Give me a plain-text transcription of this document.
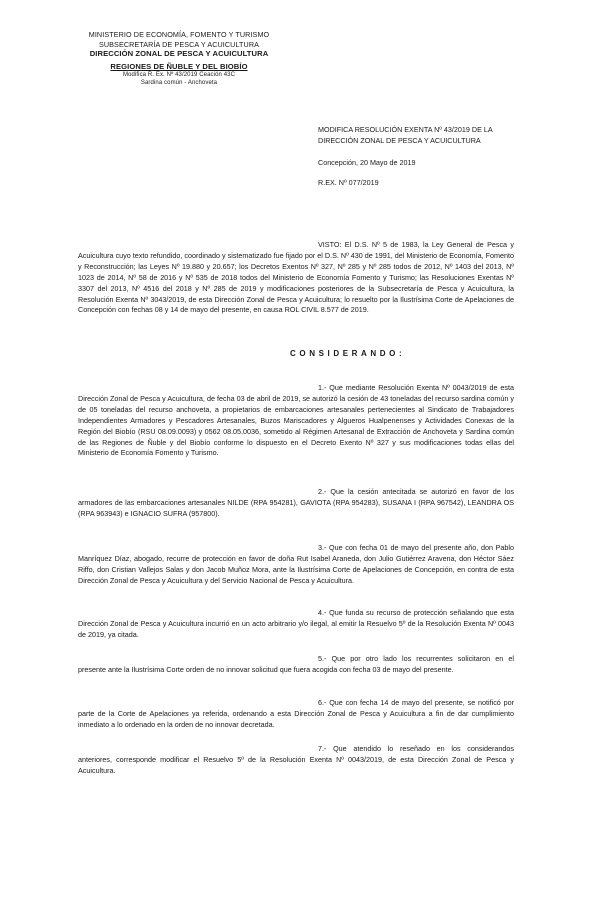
MINISTERIO DE ECONOMÍA, FOMENTO Y TURISMO
SUBSECRETARÍA DE PESCA Y ACUICULTURA
DIRECCIÓN ZONAL DE PESCA Y ACUICULTURA
REGIONES DE ÑUBLE Y DEL BIOBÍO
Modifica R. Ex. Nº 43/2019 Ceación 43C
Sardina común - Anchoveta
MODIFICA RESOLUCIÓN EXENTA Nº 43/2019 DE LA DIRECCIÓN ZONAL DE PESCA Y ACUICULTURA
Concepción, 20 Mayo de 2019
R.EX. Nº 077/2019
VISTO: El D.S. Nº 5 de 1983, la Ley General de Pesca y Acuicultura cuyo texto refundido, coordinado y sistematizado fue fijado por el D.S. Nº 430 de 1991, del Ministerio de Economía, Fomento y Reconstrucción; las Leyes Nº 19.880 y 20.657; los Decretos Exentos Nº 327, Nº 285 y Nº 285 todos de 2012, Nº 1403 del 2013, Nº 1023 de 2014, Nº 58 de 2016 y Nº 535 de 2018 todos del Ministerio de Economía Fomento y Turismo; las Resoluciones Exentas Nº 3307 del 2013, Nº 4516 del 2018 y Nº 285 de 2019 y modificaciones posteriores de la Subsecretaría de Pesca y Acuicultura, la Resolución Exenta Nº 3043/2019, de esta Dirección Zonal de Pesca y Acuicultura; lo resuelto por la Ilustrísima Corte de Apelaciones de Concepción con fechas 08 y 14 de mayo del presente, en causa ROL CIVIL 8.577 de 2019.
CONSIDERANDO:
1.- Que mediante Resolución Exenta Nº 0043/2019 de esta Dirección Zonal de Pesca y Acuicultura, de fecha 03 de abril de 2019, se autorizó la cesión de 43 toneladas del recurso sardina común y de 05 toneladas del recurso anchoveta, a propietarios de embarcaciones artesanales pertenecientes al Sindicato de Trabajadores Independientes Armadores y Pescadores Artesanales, Buzos Mariscadores y Algueros Hualpenenses y Actividades Conexas de la Región del Biobío (RSU 08.09.0093) y 0562 08.05.0036, sometido al Régimen Artesanal de Extracción de Anchoveta y Sardina común de las Regiones de Ñuble y del Biobío conforme lo dispuesto en el Decreto Exento Nº 327 y sus modificaciones todas ellas del Ministerio de Economía Fomento y Turismo.
2.- Que la cesión antecitada se autorizó en favor de los armadores de las embarcaciones artesanales NILDE (RPA 954281), GAVIOTA (RPA 954283), SUSANA I (RPA 967542), LEANDRA OS (RPA 963943) e IGNACIO SUFRA (957800).
3.- Que con fecha 01 de mayo del presente año, don Pablo Manríquez Díaz, abogado, recurre de protección en favor de doña Rut Isabel Araneda, don Julio Gutiérrez Aravena, don Héctor Sáez Riffo, don Cristian Vallejos Salas y don Jacob Muñoz Mora, ante la Ilustrísima Corte de Apelaciones de Concepción, en contra de esta Dirección Zonal de Pesca y Acuicultura y del Servicio Nacional de Pesca y Acuicultura.
4.- Que funda su recurso de protección señalando que esta Dirección Zonal de Pesca y Acuicultura incurrió en un acto arbitrario y/o ilegal, al emitir la Resuelvo 5º de la Resolución Exenta Nº 0043 de 2019, ya citada.
5.- Que por otro lado los recurrentes solicitaron en el presente ante la Ilustrísima Corte orden de no innovar solicitud que fuera acogida con fecha 03 de mayo del presente.
6.- Que con fecha 14 de mayo del presente, se notificó por parte de la Corte de Apelaciones ya referida, ordenando a esta Dirección Zonal de Pesca y Acuicultura a fin de dar cumplimiento inmediato a lo ordenado en la orden de no innovar decretada.
7.- Que atendido lo reseñado en los considerandos anteriores, corresponde modificar el Resuelvo 5º de la Resolución Exenta Nº 0043/2019, de esta Dirección Zonal de Pesca y Acuicultura.
